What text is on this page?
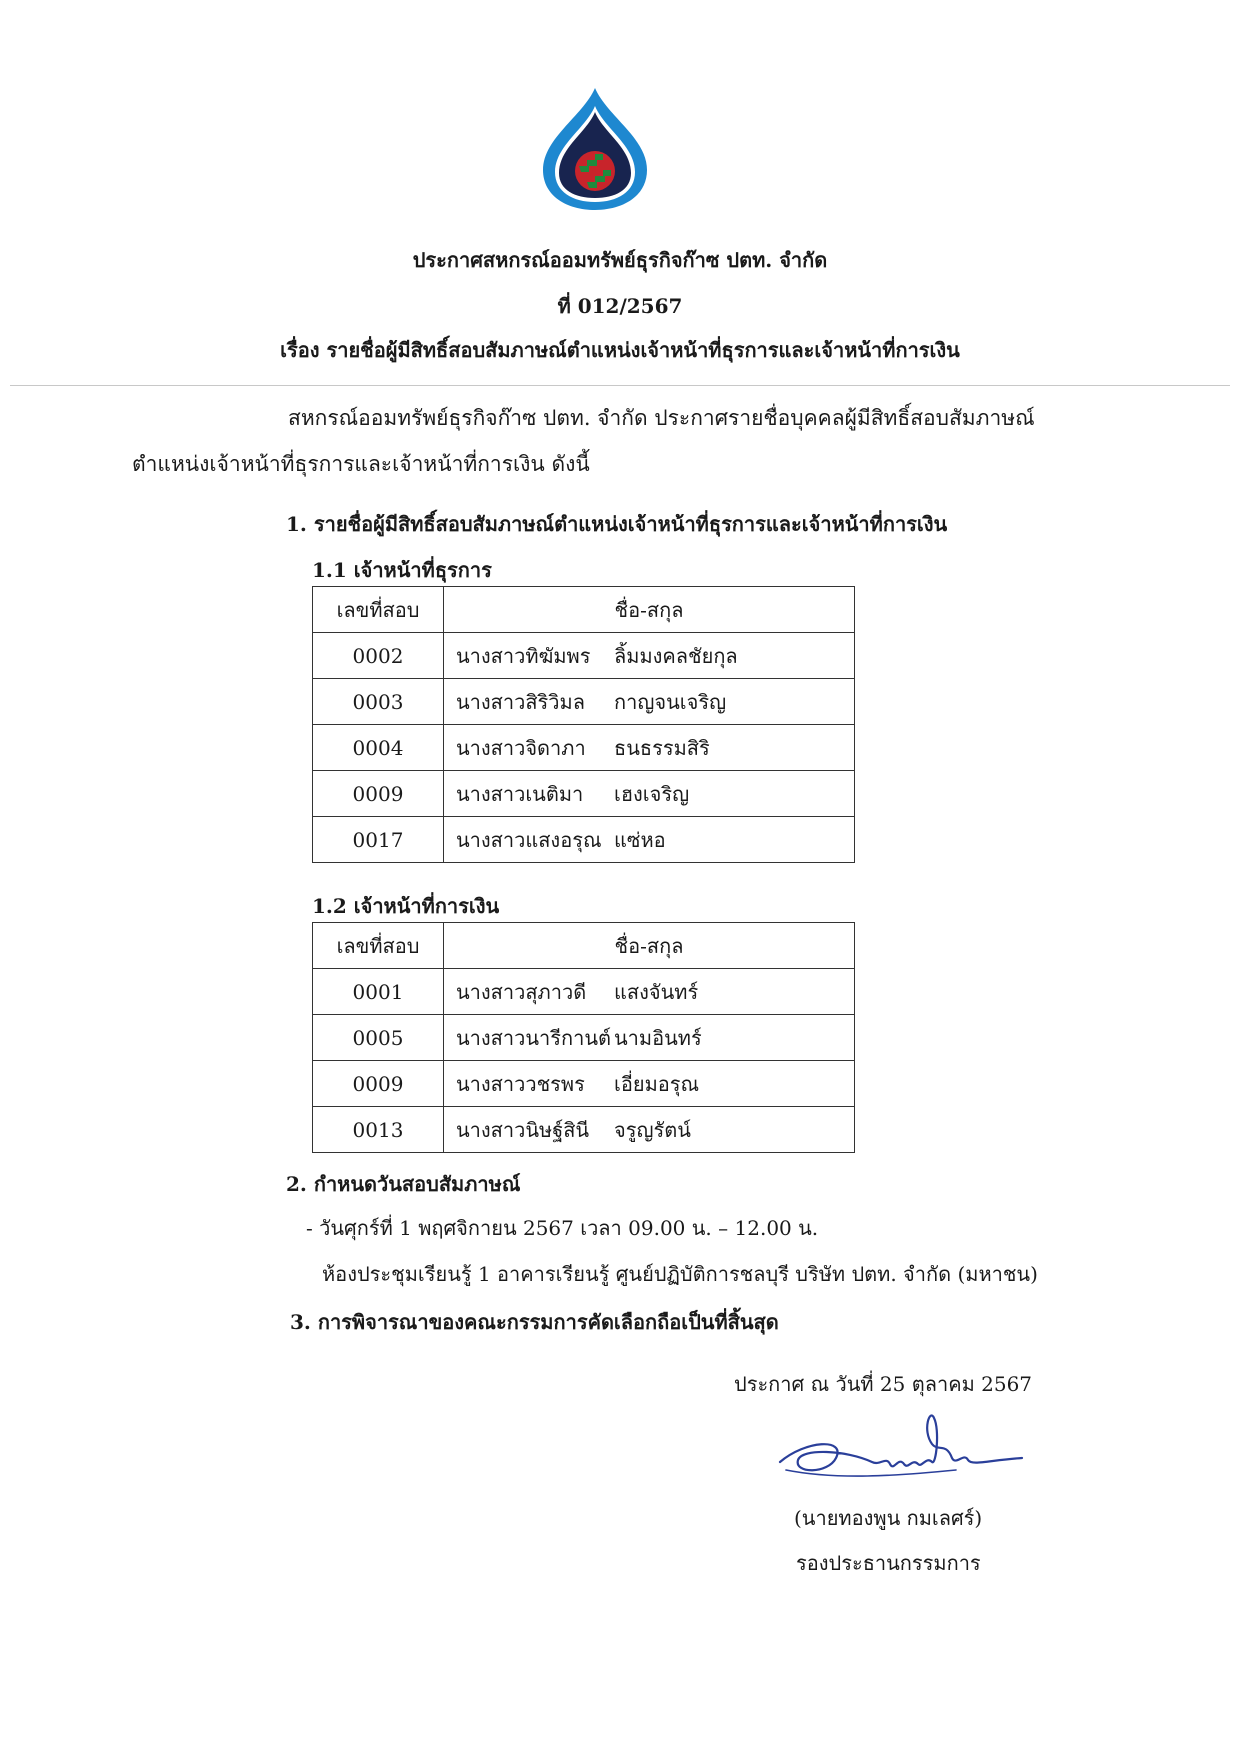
ประกาศสหกรณ์ออมทรัพย์ธุรกิจก๊าซ ปตท. จำกัด
ที่ 012/2567
เรื่อง รายชื่อผู้มีสิทธิ์สอบสัมภาษณ์ตำแหน่งเจ้าหน้าที่ธุรการและเจ้าหน้าที่การเงิน
สหกรณ์ออมทรัพย์ธุรกิจก๊าซ ปตท. จำกัด ประกาศรายชื่อบุคคลผู้มีสิทธิ์สอบสัมภาษณ์
ตำแหน่งเจ้าหน้าที่ธุรการและเจ้าหน้าที่การเงิน ดังนี้
1. รายชื่อผู้มีสิทธิ์สอบสัมภาษณ์ตำแหน่งเจ้าหน้าที่ธุรการและเจ้าหน้าที่การเงิน
1.1 เจ้าหน้าที่ธุรการ
เลขที่สอบ	ชื่อ-สกุล
0002	นางสาวทิฆัมพร ลิ้มมงคลชัยกุล
0003	นางสาวสิริวิมล กาญจนเจริญ
0004	นางสาวจิดาภา ธนธรรมสิริ
0009	นางสาวเนติมา เฮงเจริญ
0017	นางสาวแสงอรุณ แซ่หอ
1.2 เจ้าหน้าที่การเงิน
เลขที่สอบ	ชื่อ-สกุล
0001	นางสาวสุภาวดี แสงจันทร์
0005	นางสาวนารีกานต์ นามอินทร์
0009	นางสาววชรพร เอี่ยมอรุณ
0013	นางสาวนิษฐ์สินี จรูญรัตน์
2. กำหนดวันสอบสัมภาษณ์
- วันศุกร์ที่ 1 พฤศจิกายน 2567 เวลา 09.00 น. – 12.00 น.
ห้องประชุมเรียนรู้ 1 อาคารเรียนรู้ ศูนย์ปฏิบัติการชลบุรี บริษัท ปตท. จำกัด (มหาชน)
3. การพิจารณาของคณะกรรมการคัดเลือกถือเป็นที่สิ้นสุด
ประกาศ ณ วันที่ 25 ตุลาคม 2567
(นายทองพูน กมเลศร์)
รองประธานกรรมการ
